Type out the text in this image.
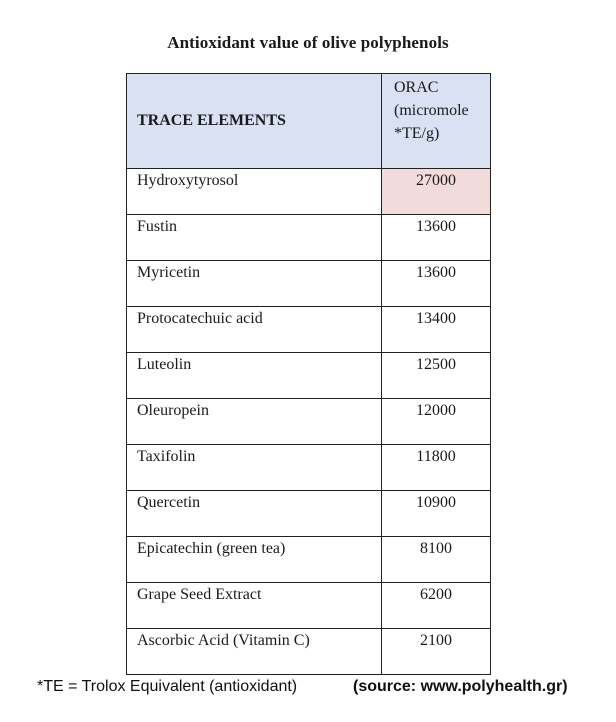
Antioxidant value of olive polyphenols
TRACE ELEMENTS	ORAC
(micromole
*TE/g)

Hydroxytyrosol	27000
Fustin	13600
Myricetin	13600
Protocatechuic acid	13400
Luteolin	12500
Oleuropein	12000
Taxifolin	11800
Quercetin	10900
Epicatechin (green tea)	8100
Grape Seed Extract	6200
Ascorbic Acid (Vitamin C)	2100
*TE = Trolox Equivalent (antioxidant)	(source: www.polyhealth.gr)
